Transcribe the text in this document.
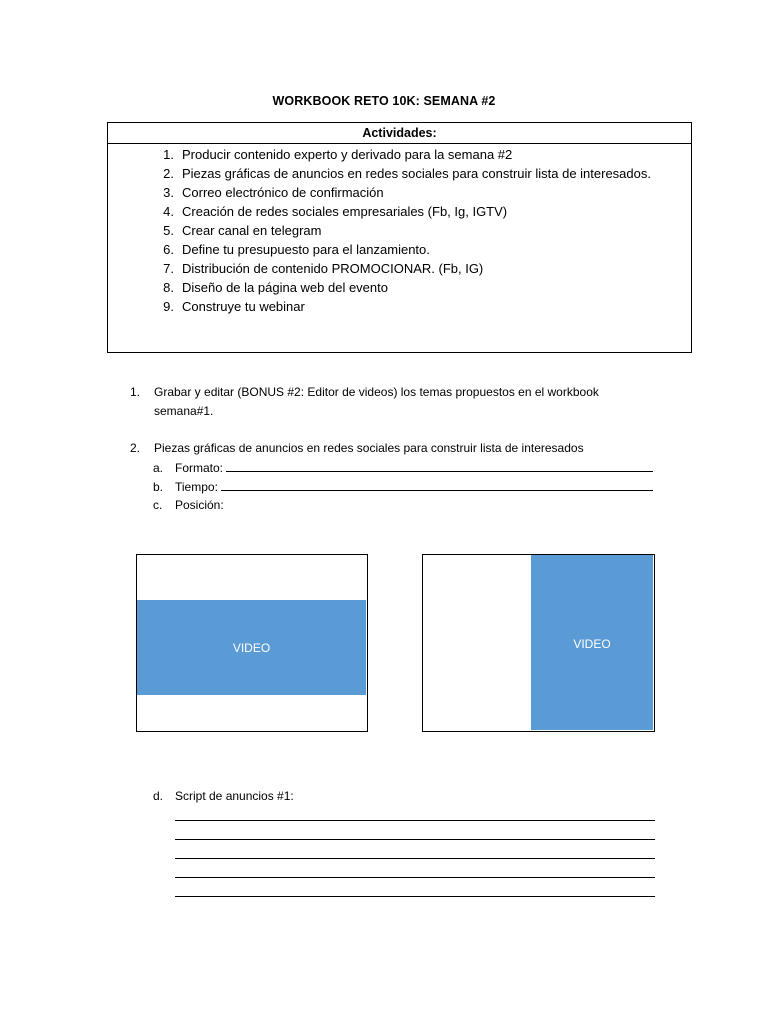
WORKBOOK RETO 10K: SEMANA #2
Actividades:
1. Producir contenido experto y derivado para la semana #2
2. Piezas gráficas de anuncios en redes sociales para construir lista de interesados.
3. Correo electrónico de confirmación
4. Creación de redes sociales empresariales (Fb, Ig, IGTV)
5. Crear canal en telegram
6. Define tu presupuesto para el lanzamiento.
7. Distribución de contenido PROMOCIONAR. (Fb, IG)
8. Diseño de la página web del evento
9. Construye tu webinar
1. Grabar y editar (BONUS #2: Editor de videos) los temas propuestos en el workbook
semana#1.
2. Piezas gráficas de anuncios en redes sociales para construir lista de interesados
a. Formato:
b. Tiempo:
c. Posición:
VIDEO	VIDEO
d. Script de anuncios #1:
